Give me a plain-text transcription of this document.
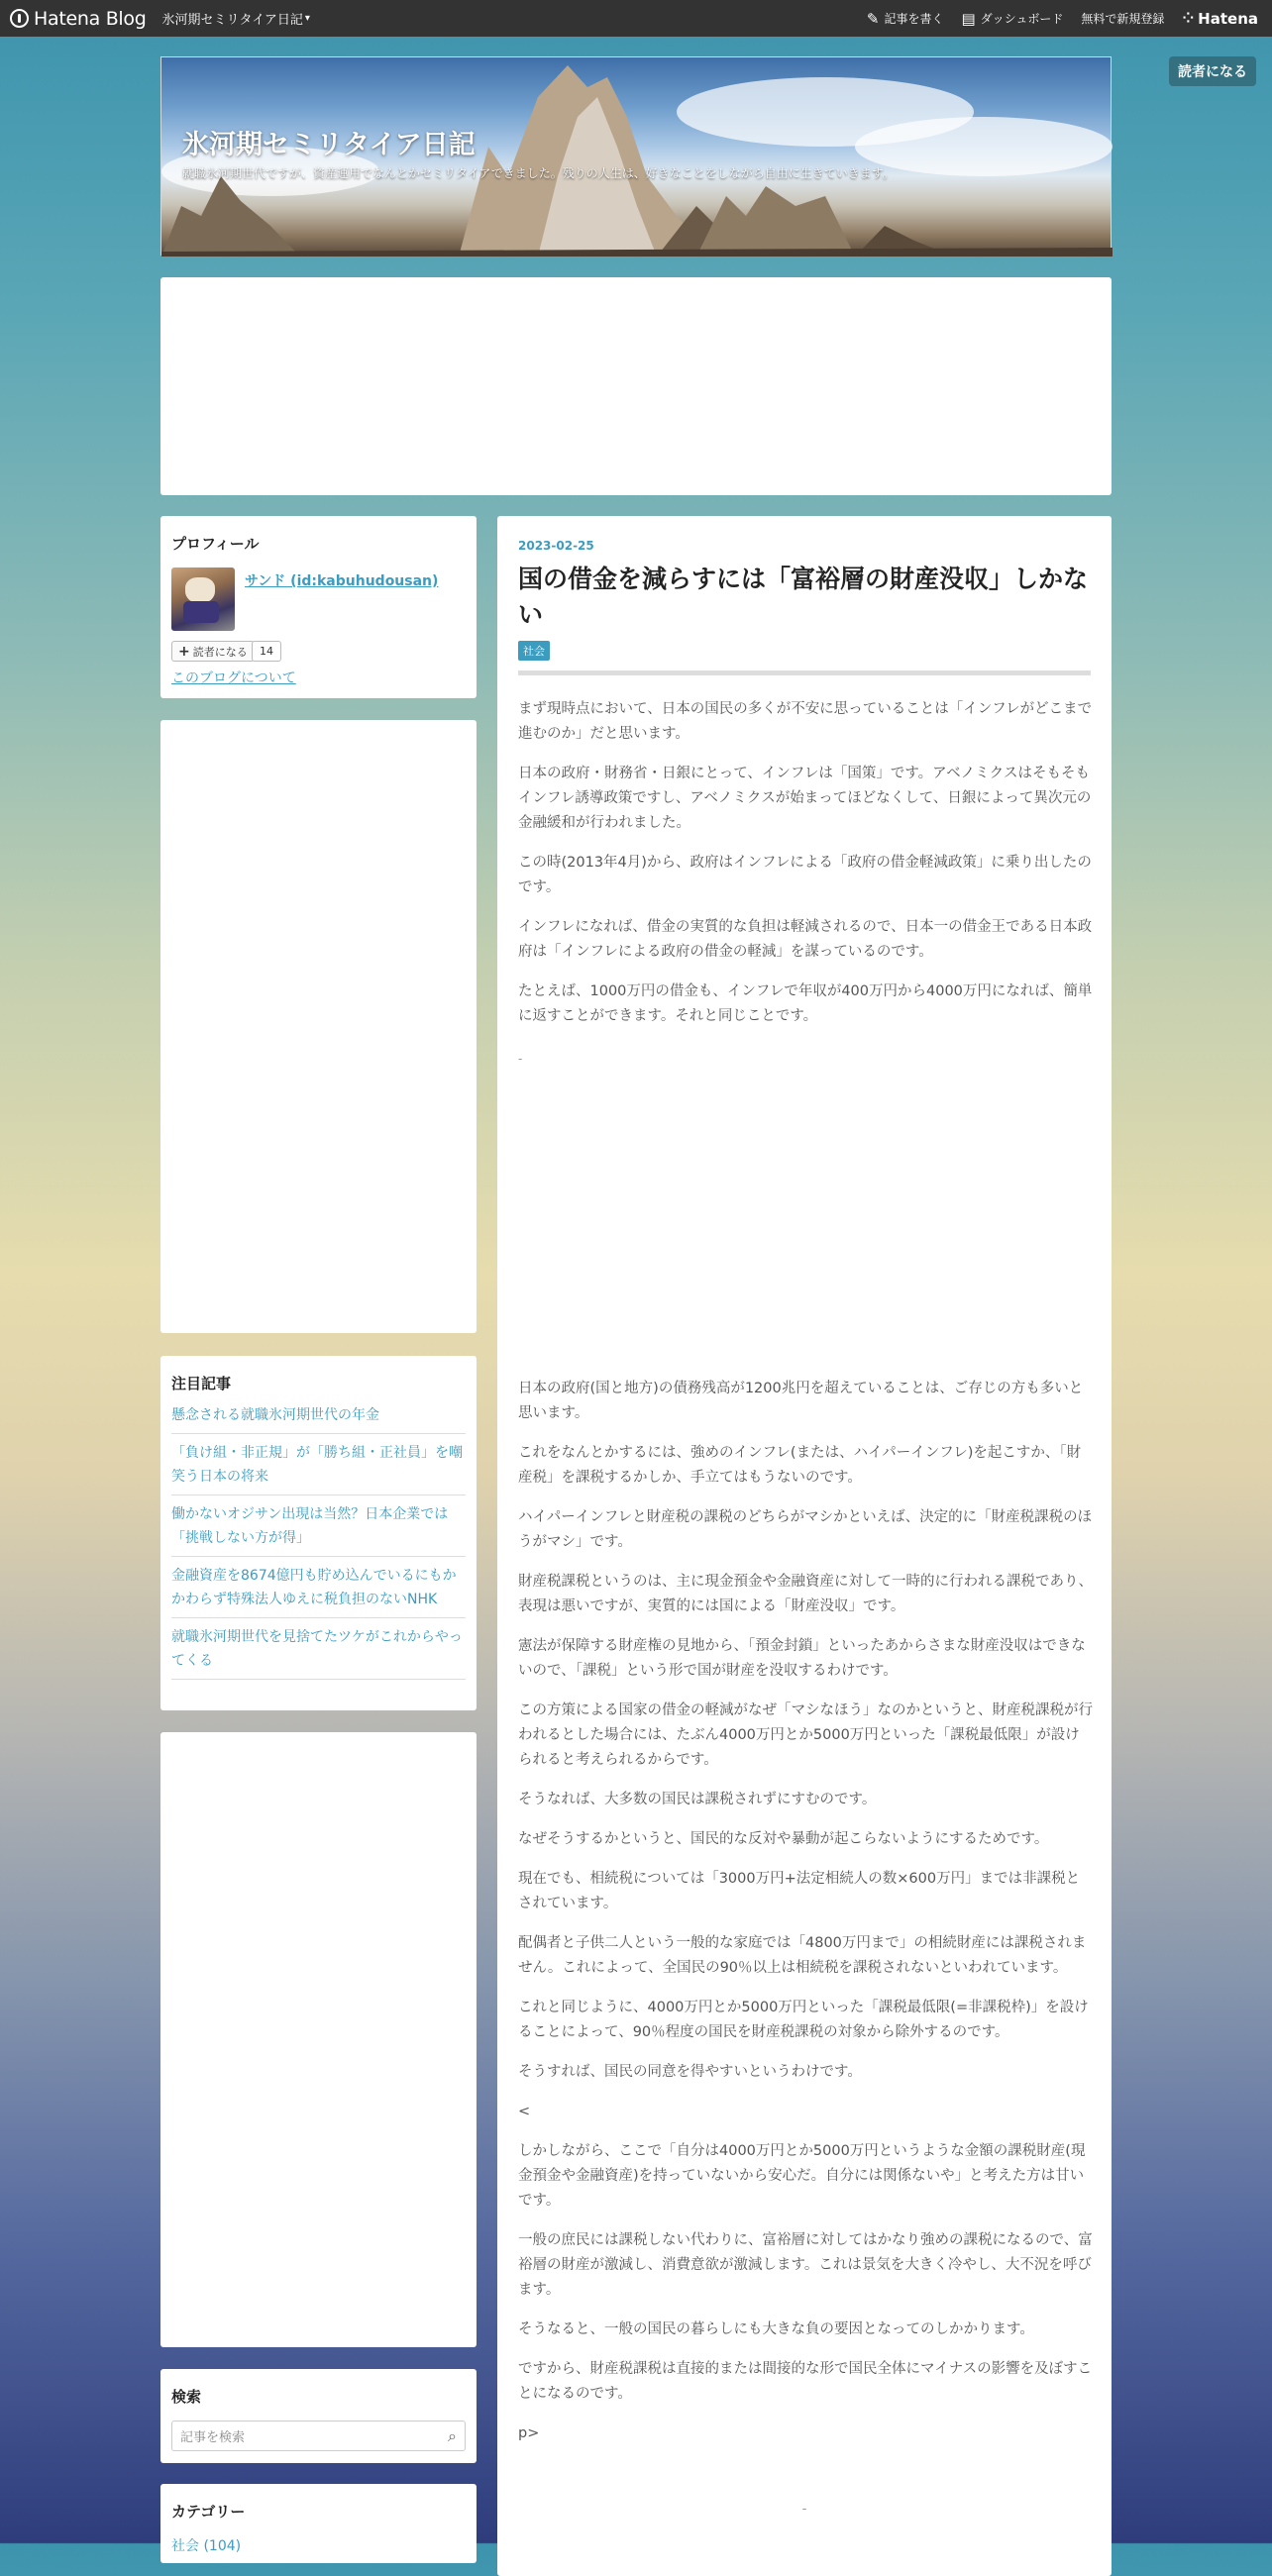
Hatena Blog 氷河期セミリタイア日記 ▾	✎ 記事を書く ▤ ダッシュボード 無料で新規登録 ⁘ Hatena
読者になる
氷河期セミリタイア日記
就職氷河期世代ですが、資産運用でなんとかセミリタイアできました。残りの人生は、好きなことをしながら自由に生きていきます。
プロフィール
サンド (id:kabuhudousan)
+ 読者になる	14
このブログについて
注目記事
懸念される就職氷河期世代の年金
「負け組・非正規」が「勝ち組・正社員」を嘲笑う日本の将来
働かないオジサン出現は当然？日本企業では「挑戦しない方が得」
金融資産を8674億円も貯め込んでいるにもかかわらず特殊法人ゆえに税負担のないNHK
就職氷河期世代を見捨てたツケがこれからやってくる
検索
記事を検索	⌕
カテゴリー
社会 (104)
2023-02-25
国の借金を減らすには「富裕層の財産没収」しかない
社会

まず現時点において、日本の国民の多くが不安に思っていることは「インフレがどこまで進むのか」だと思います。

日本の政府・財務省・日銀にとって、インフレは「国策」です。アベノミクスはそもそもインフレ誘導政策ですし、アベノミクスが始まってほどなくして、日銀によって異次元の金融緩和が行われました。

この時(2013年4月)から、政府はインフレによる「政府の借金軽減政策」に乗り出したのです。

インフレになれば、借金の実質的な負担は軽減されるので、日本一の借金王である日本政府は「インフレによる政府の借金の軽減」を謀っているのです。

たとえば、1000万円の借金も、インフレで年収が400万円から4000万円になれば、簡単に返すことができます。それと同じことです。

-

日本の政府(国と地方)の債務残高が1200兆円を超えていることは、ご存じの方も多いと思います。

これをなんとかするには、強めのインフレ(または、ハイパーインフレ)を起こすか、「財産税」を課税するかしか、手立てはもうないのです。

ハイパーインフレと財産税の課税のどちらがマシかといえば、決定的に「財産税課税のほうがマシ」です。

財産税課税というのは、主に現金預金や金融資産に対して一時的に行われる課税であり、表現は悪いですが、実質的には国による「財産没収」です。

憲法が保障する財産権の見地から、「預金封鎖」といったあからさまな財産没収はできないので、「課税」という形で国が財産を没収するわけです。

この方策による国家の借金の軽減がなぜ「マシなほう」なのかというと、財産税課税が行われるとした場合には、たぶん4000万円とか5000万円といった「課税最低限」が設けられると考えられるからです。

そうなれば、大多数の国民は課税されずにすむのです。

なぜそうするかというと、国民的な反対や暴動が起こらないようにするためです。

現在でも、相続税については「3000万円+法定相続人の数×600万円」までは非課税とされています。

配偶者と子供二人という一般的な家庭では「4800万円まで」の相続財産には課税されません。これによって、全国民の90％以上は相続税を課税されないといわれています。

これと同じように、4000万円とか5000万円といった「課税最低限(=非課税枠)」を設けることによって、90％程度の国民を財産税課税の対象から除外するのです。

そうすれば、国民の同意を得やすいというわけです。

<

しかしながら、ここで「自分は4000万円とか5000万円というような金額の課税財産(現金預金や金融資産)を持っていないから安心だ。自分には関係ないや」と考えた方は甘いです。

一般の庶民には課税しない代わりに、富裕層に対してはかなり強めの課税になるので、富裕層の財産が激減し、消費意欲が激減します。これは景気を大きく冷やし、大不況を呼びます。

そうなると、一般の国民の暮らしにも大きな負の要因となってのしかかります。

ですから、財産税課税は直接的または間接的な形で国民全体にマイナスの影響を及ぼすことになるのです。

p>

-
